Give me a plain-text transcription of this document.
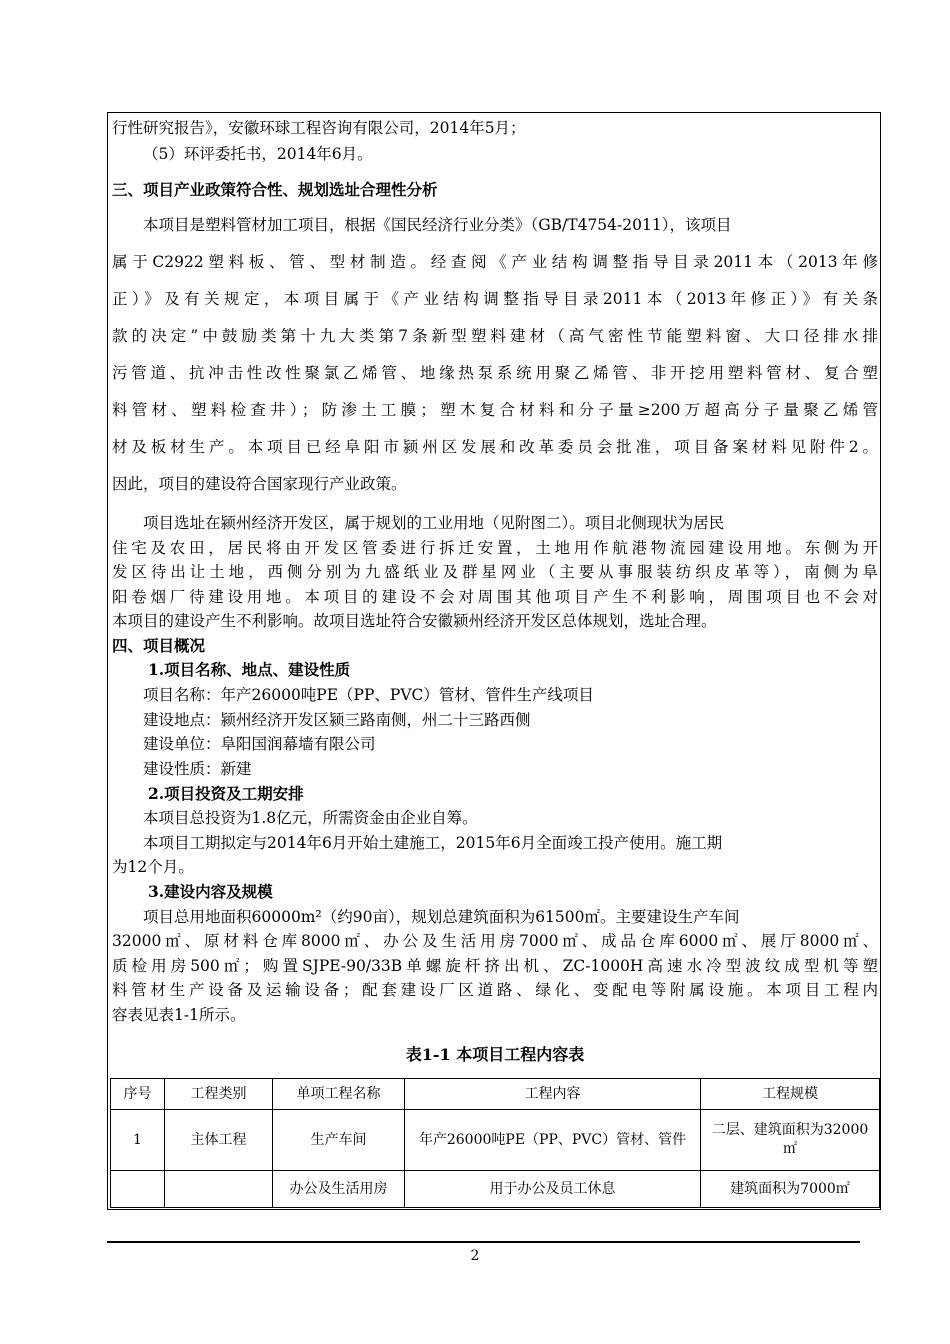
行性研究报告》，安徽环球工程咨询有限公司，2014年5月；
（5）环评委托书，2014年6月。
三、项目产业政策符合性、规划选址合理性分析
本项目是塑料管材加工项目，根据《国民经济行业分类》（GB/T4754-2011），该项目
属于C2922塑料板、管、型材制造。经查阅《产业结构调整指导目录2011本（2013年修
正）》及有关规定，本项目属于《产业结构调整指导目录2011本（2013年修正）》有关条
款的决定”中鼓励类第十九大类第7条新型塑料建材（高气密性节能塑料窗、大口径排水排
污管道、抗冲击性改性聚氯乙烯管、地缘热泵系统用聚乙烯管、非开挖用塑料管材、复合塑
料管材、塑料检查井）；防渗土工膜；塑木复合材料和分子量≥200万超高分子量聚乙烯管
材及板材生产。本项目已经阜阳市颍州区发展和改革委员会批准，项目备案材料见附件2。
因此，项目的建设符合国家现行产业政策。
项目选址在颍州经济开发区，属于规划的工业用地（见附图二）。项目北侧现状为居民
住宅及农田，居民将由开发区管委进行拆迁安置，土地用作航港物流园建设用地。东侧为开
发区待出让土地，西侧分别为九盛纸业及群星网业（主要从事服装纺织皮革等），南侧为阜
阳卷烟厂待建设用地。本项目的建设不会对周围其他项目产生不利影响，周围项目也不会对
本项目的建设产生不利影响。故项目选址符合安徽颍州经济开发区总体规划，选址合理。
四、项目概况
1.项目名称、地点、建设性质
项目名称：年产26000吨PE（PP、PVC）管材、管件生产线项目
建设地点：颍州经济开发区颍三路南侧，州二十三路西侧
建设单位：阜阳国润幕墙有限公司
建设性质：新建
2.项目投资及工期安排
本项目总投资为1.8亿元，所需资金由企业自筹。
本项目工期拟定与2014年6月开始土建施工，2015年6月全面竣工投产使用。施工期
为12个月。
3.建设内容及规模
项目总用地面积60000m²（约90亩），规划总建筑面积为61500㎡。主要建设生产车间
32000㎡、原材料仓库8000㎡、办公及生活用房7000㎡、成品仓库6000㎡、展厅8000㎡、
质检用房500㎡；购置SJPE-90/33B单螺旋杆挤出机、ZC-1000H高速水冷型波纹成型机等塑
料管材生产设备及运输设备；配套建设厂区道路、绿化、变配电等附属设施。本项目工程内
容表见表1-1所示。
表1-1 本项目工程内容表
序号	工程类别	单项工程名称	工程内容	工程规模
1	主体工程	生产车间	年产26000吨PE（PP、PVC）管材、管件	二层、建筑面积为32000㎡
		办公及生活用房	用于办公及员工休息	建筑面积为7000㎡
2
